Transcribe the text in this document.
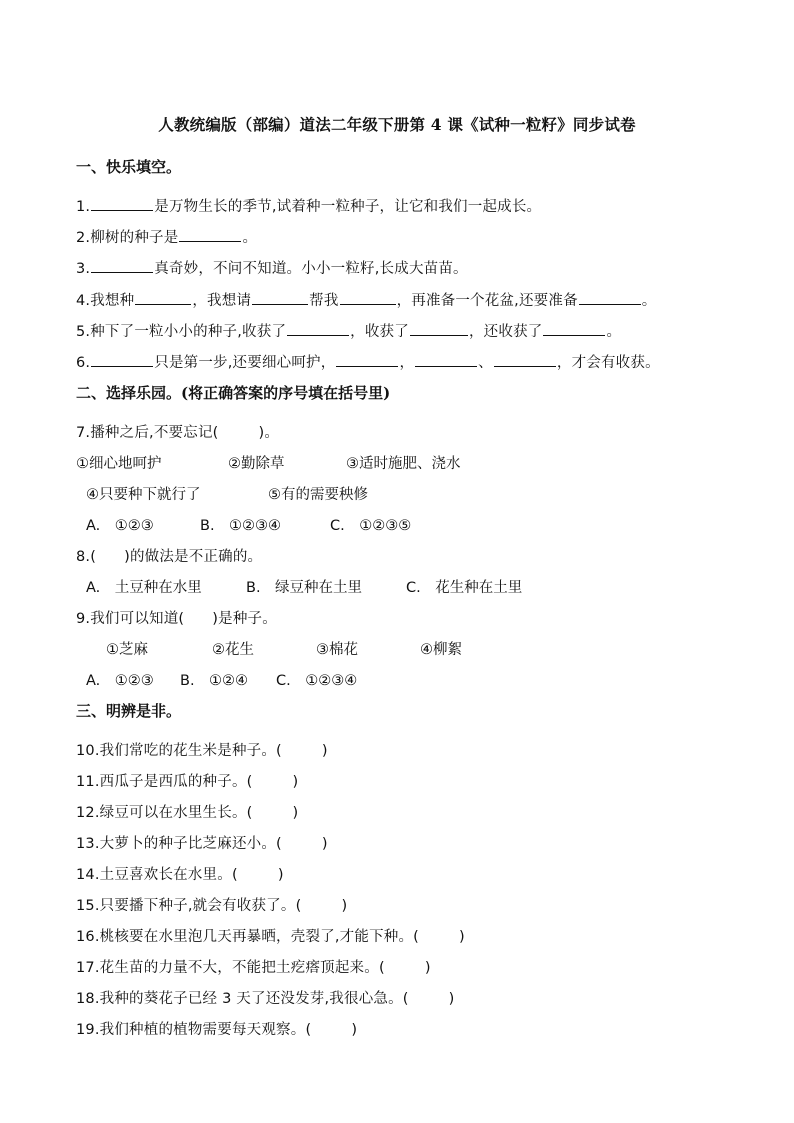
人教统编版（部编）道法二年级下册第 4 课《试种一粒籽》同步试卷
一、快乐填空。
1.	是万物生长的季节,试着种一粒种子，让它和我们一起成长。
2.柳树的种子是	。
3.	真奇妙，不问不知道。小小一粒籽,长成大苗苗。
4.我想种	，我想请	帮我	，再准备一个花盆,还要准备	。
5.种下了一粒小小的种子,收获了	，收获了	，还收获了	。
6.	只是第一步,还要细心呵护，	，	、	，才会有收获。
二、选择乐园。(将正确答案的序号填在括号里)
7.播种之后,不要忘记(	)。
①细心地呵护	②勤除草	③适时施肥、浇水
④只要种下就行了	⑤有的需要秧修
A.　①②③	B.　①②③④	C.　①②③⑤
8.( )的做法是不正确的。
A.　土豆种在水里	B.　绿豆种在土里	C.　花生种在土里
9.我们可以知道( )是种子。
①芝麻	②花生	③棉花	④柳絮
A.　①②③ B.　①②④ C.　①②③④
三、明辨是非。
10.我们常吃的花生米是种子。(	)
11.西瓜子是西瓜的种子。(	)
12.绿豆可以在水里生长。(	)
13.大萝卜的种子比芝麻还小。(	)
14.土豆喜欢长在水里。(	)
15.只要播下种子,就会有收获了。(	)
16.桃核要在水里泡几天再暴晒，壳裂了,才能下种。(	)
17.花生苗的力量不大，不能把土疙瘩顶起来。(	)
18.我种的葵花子已经 3 天了还没发芽,我很心急。(	)
19.我们种植的植物需要每天观察。(	)
